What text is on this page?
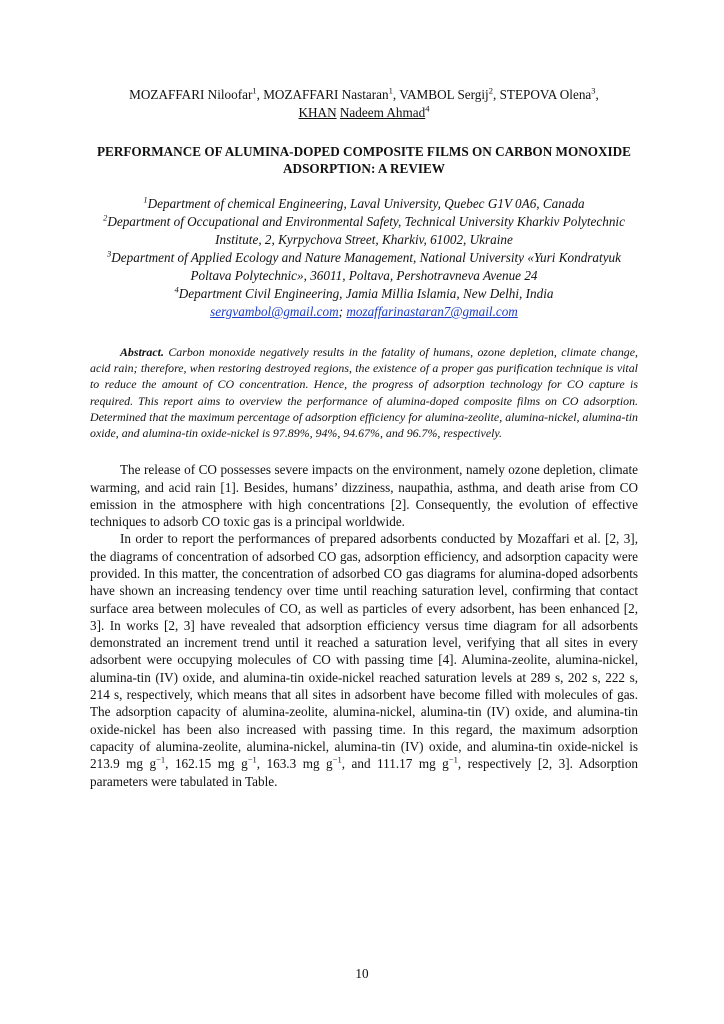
MOZAFFARI Niloofar$^1$, MOZAFFARI Nastaran$^1$, VAMBOL Sergij$^2$, STEPOVA Olena$^3$,
KHAN Nadeem Ahmad$^4$

PERFORMANCE OF ALUMINA-DOPED COMPOSITE FILMS ON CARBON MONOXIDE ADSORPTION: A REVIEW
$^1$Department of chemical Engineering, Laval University, Quebec G1V 0A6, Canada
$^2$Department of Occupational and Environmental Safety, Technical University Kharkiv Polytechnic Institute, 2, Kyrpychova Street, Kharkiv, 61002, Ukraine
$^3$Department of Applied Ecology and Nature Management, National University «Yuri Kondratyuk Poltava Polytechnic», 36011, Poltava, Pershotravneva Avenue 24
$^4$Department Civil Engineering, Jamia Millia Islamia, New Delhi, India
sergvambol@gmail.com; mozaffarinastaran7@gmail.com

Abstract. Carbon monoxide negatively results in the fatality of humans, ozone depletion, climate change, acid rain; therefore, when restoring destroyed regions, the existence of a proper gas purification technique is vital to reduce the amount of CO concentration. Hence, the progress of adsorption technology for CO capture is required. This report aims to overview the performance of alumina-doped composite films on CO adsorption. Determined that the maximum percentage of adsorption efficiency for alumina-zeolite, alumina-nickel, alumina-tin oxide, and alumina-tin oxide-nickel is 97.89%, 94%, 94.67%, and 96.7%, respectively.

The release of CO possesses severe impacts on the environment, namely ozone depletion, climate warming, and acid rain [1]. Besides, humans’ dizziness, naupathia, asthma, and death arise from CO emission in the atmosphere with high concentrations [2]. Consequently, the evolution of effective techniques to adsorb CO toxic gas is a principal worldwide.

In order to report the performances of prepared adsorbents conducted by Mozaffari et al. [2, 3], the diagrams of concentration of adsorbed CO gas, adsorption efficiency, and adsorption capacity were provided. In this matter, the concentration of adsorbed CO gas diagrams for alumina-doped adsorbents have shown an increasing tendency over time until reaching saturation level, confirming that contact surface area between molecules of CO, as well as particles of every adsorbent, has been enhanced [2, 3]. In works [2, 3] have revealed that adsorption efficiency versus time diagram for all adsorbents demonstrated an increment trend until it reached a saturation level, verifying that all sites in every adsorbent were occupying molecules of CO with passing time [4]. Alumina-zeolite, alumina-nickel, alumina-tin (IV) oxide, and alumina-tin oxide-nickel reached saturation levels at 289 s, 202 s, 222 s, 214 s, respectively, which means that all sites in adsorbent have become filled with molecules of gas. The adsorption capacity of alumina-zeolite, alumina-nickel, alumina-tin (IV) oxide, and alumina-tin oxide-nickel has been also increased with passing time. In this regard, the maximum adsorption capacity of alumina-zeolite, alumina-nickel, alumina-tin (IV) oxide, and alumina-tin oxide-nickel is 213.9 mg $g^{-1}$, 162.15 mg $g^{-1}$, 163.3 mg $g^{-1}$, and 111.17 mg $g^{-1}$, respectively [2, 3]. Adsorption parameters were tabulated in Table.

10
